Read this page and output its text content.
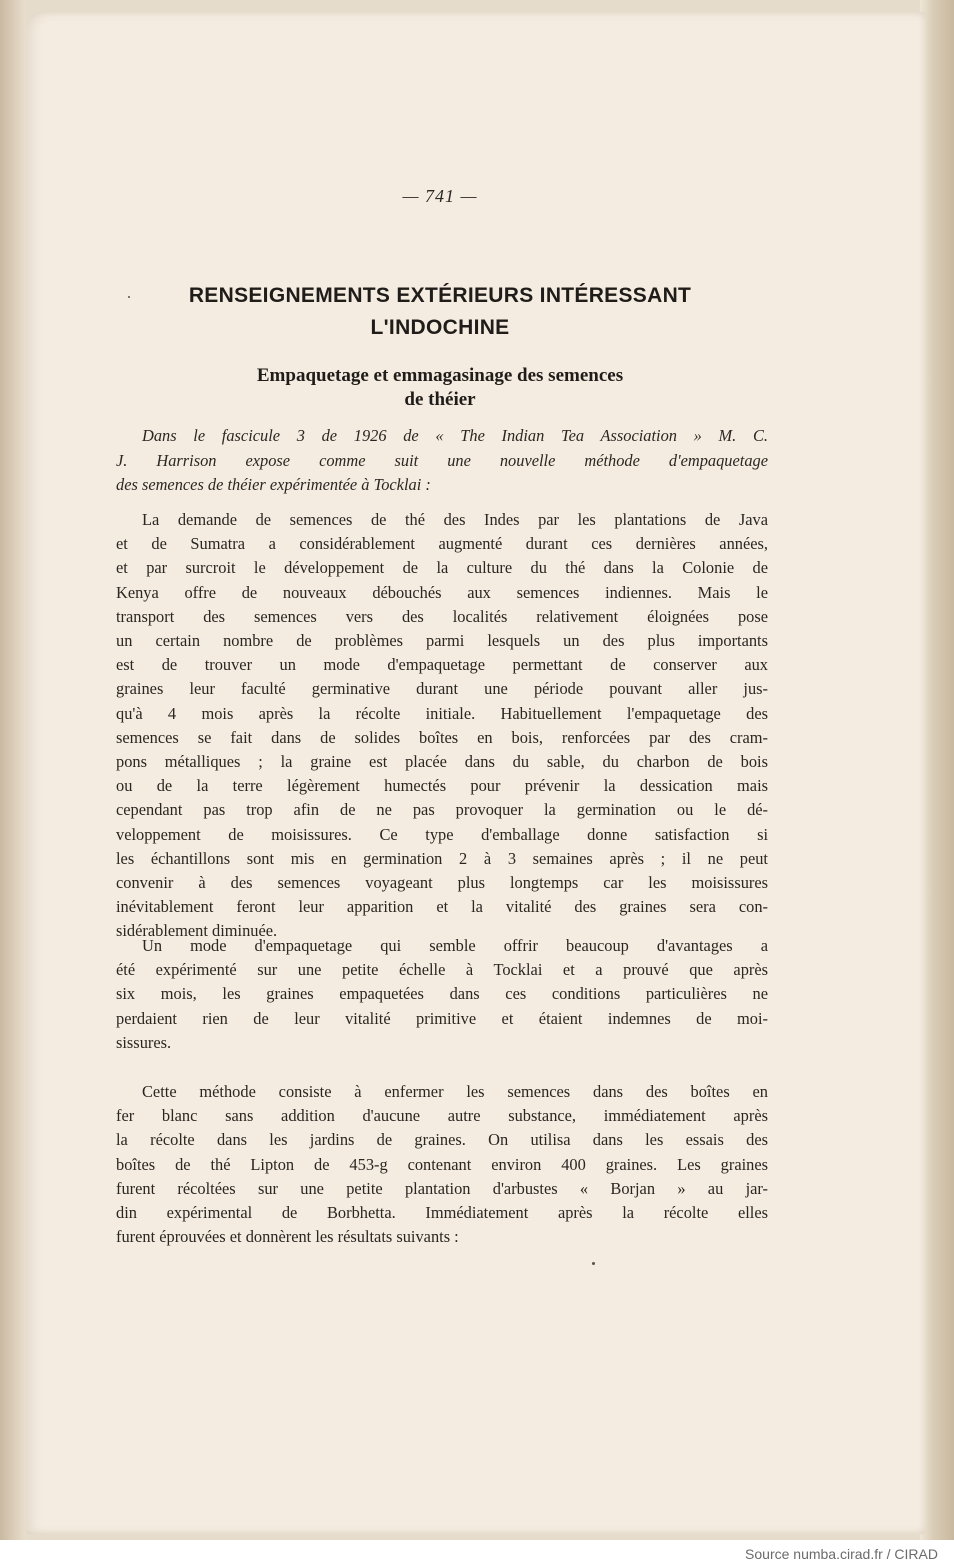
— 741 —
RENSEIGNEMENTS EXTÉRIEURS INTÉRESSANT
L'INDOCHINE
Empaquetage et emmagasinage des semences
de théier
Dans le fascicule 3 de 1926 de « The Indian Tea Association » M. C.
J. Harrison expose comme suit une nouvelle méthode d'empaquetage
des semences de théier expérimentée à Tocklai :
La demande de semences de thé des Indes par les plantations de Java
et de Sumatra a considérablement augmenté durant ces dernières années,
et par surcroit le développement de la culture du thé dans la Colonie de
Kenya offre de nouveaux débouchés aux semences indiennes. Mais le
transport des semences vers des localités relativement éloignées pose
un certain nombre de problèmes parmi lesquels un des plus importants
est de trouver un mode d'empaquetage permettant de conserver aux
graines leur faculté germinative durant une période pouvant aller jus-
qu'à 4 mois après la récolte initiale. Habituellement l'empaquetage des
semences se fait dans de solides boîtes en bois, renforcées par des cram-
pons métalliques ; la graine est placée dans du sable, du charbon de bois
ou de la terre légèrement humectés pour prévenir la dessication mais
cependant pas trop afin de ne pas provoquer la germination ou le dé-
veloppement de moisissures. Ce type d'emballage donne satisfaction si
les échantillons sont mis en germination 2 à 3 semaines après ; il ne peut
convenir à des semences voyageant plus longtemps car les moisissures
inévitablement feront leur apparition et la vitalité des graines sera con-
sidérablement diminuée.
Un mode d'empaquetage qui semble offrir beaucoup d'avantages a
été expérimenté sur une petite échelle à Tocklai et a prouvé que après
six mois, les graines empaquetées dans ces conditions particulières ne
perdaient rien de leur vitalité primitive et étaient indemnes de moi-
sissures.
Cette méthode consiste à enfermer les semences dans des boîtes en
fer blanc sans addition d'aucune autre substance, immédiatement après
la récolte dans les jardins de graines. On utilisa dans les essais des
boîtes de thé Lipton de 453-g contenant environ 400 graines. Les graines
furent récoltées sur une petite plantation d'arbustes « Borjan » au jar-
din expérimental de Borbhetta. Immédiatement après la récolte elles
furent éprouvées et donnèrent les résultats suivants :
Source numba.cirad.fr / CIRAD
